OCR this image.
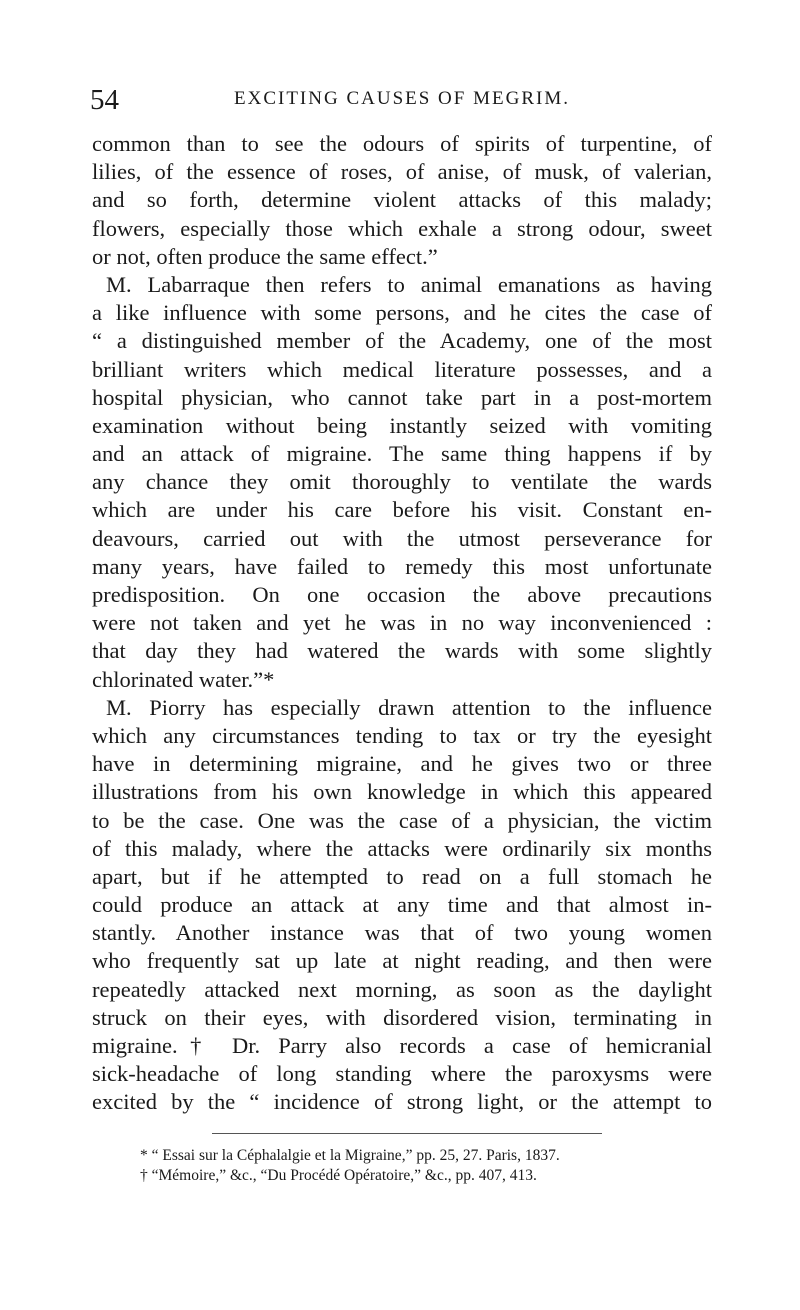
54	EXCITING CAUSES OF MEGRIM.
common than to see the odours of spirits of turpentine, of
lilies, of the essence of roses, of anise, of musk, of valerian,
and so forth, determine violent attacks of this malady;
flowers, especially those which exhale a strong odour, sweet
or not, often produce the same effect.”
M. Labarraque then refers to animal emanations as having
a like influence with some persons, and he cites the case of
“ a distinguished member of the Academy, one of the most
brilliant writers which medical literature possesses, and a
hospital physician, who cannot take part in a post-mortem
examination without being instantly seized with vomiting
and an attack of migraine. The same thing happens if by
any chance they omit thoroughly to ventilate the wards
which are under his care before his visit. Constant en-
deavours, carried out with the utmost perseverance for
many years, have failed to remedy this most unfortunate
predisposition. On one occasion the above precautions
were not taken and yet he was in no way inconvenienced :
that day they had watered the wards with some slightly
chlorinated water.”*
M. Piorry has especially drawn attention to the influence
which any circumstances tending to tax or try the eyesight
have in determining migraine, and he gives two or three
illustrations from his own knowledge in which this appeared
to be the case. One was the case of a physician, the victim
of this malady, where the attacks were ordinarily six months
apart, but if he attempted to read on a full stomach he
could produce an attack at any time and that almost in-
stantly. Another instance was that of two young women
who frequently sat up late at night reading, and then were
repeatedly attacked next morning, as soon as the daylight
struck on their eyes, with disordered vision, terminating in
migraine.† Dr. Parry also records a case of hemicranial
sick-headache of long standing where the paroxysms were
excited by the “ incidence of strong light, or the attempt to
* “ Essai sur la Céphalalgie et la Migraine,” pp. 25, 27. Paris, 1837.
† “Mémoire,” &c., “Du Procédé Opératoire,” &c., pp. 407, 413.
